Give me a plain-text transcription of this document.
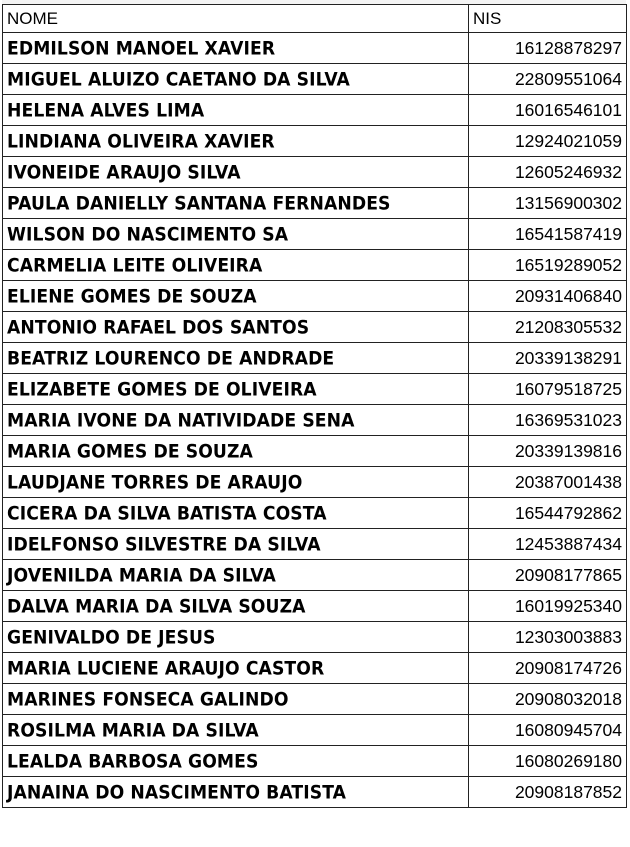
NOME	NIS
EDMILSON MANOEL XAVIER	16128878297
MIGUEL ALUIZO CAETANO DA SILVA	22809551064
HELENA ALVES LIMA	16016546101
LINDIANA OLIVEIRA XAVIER	12924021059
IVONEIDE ARAUJO SILVA	12605246932
PAULA DANIELLY SANTANA FERNANDES	13156900302
WILSON DO NASCIMENTO SA	16541587419
CARMELIA LEITE OLIVEIRA	16519289052
ELIENE GOMES DE SOUZA	20931406840
ANTONIO RAFAEL DOS SANTOS	21208305532
BEATRIZ LOURENCO DE ANDRADE	20339138291
ELIZABETE GOMES DE OLIVEIRA	16079518725
MARIA IVONE DA NATIVIDADE SENA	16369531023
MARIA GOMES DE SOUZA	20339139816
LAUDJANE TORRES DE ARAUJO	20387001438
CICERA DA SILVA BATISTA COSTA	16544792862
IDELFONSO SILVESTRE DA SILVA	12453887434
JOVENILDA MARIA DA SILVA	20908177865
DALVA MARIA DA SILVA SOUZA	16019925340
GENIVALDO DE JESUS	12303003883
MARIA LUCIENE ARAUJO CASTOR	20908174726
MARINES FONSECA GALINDO	20908032018
ROSILMA MARIA DA SILVA	16080945704
LEALDA BARBOSA GOMES	16080269180
JANAINA DO NASCIMENTO BATISTA	20908187852
